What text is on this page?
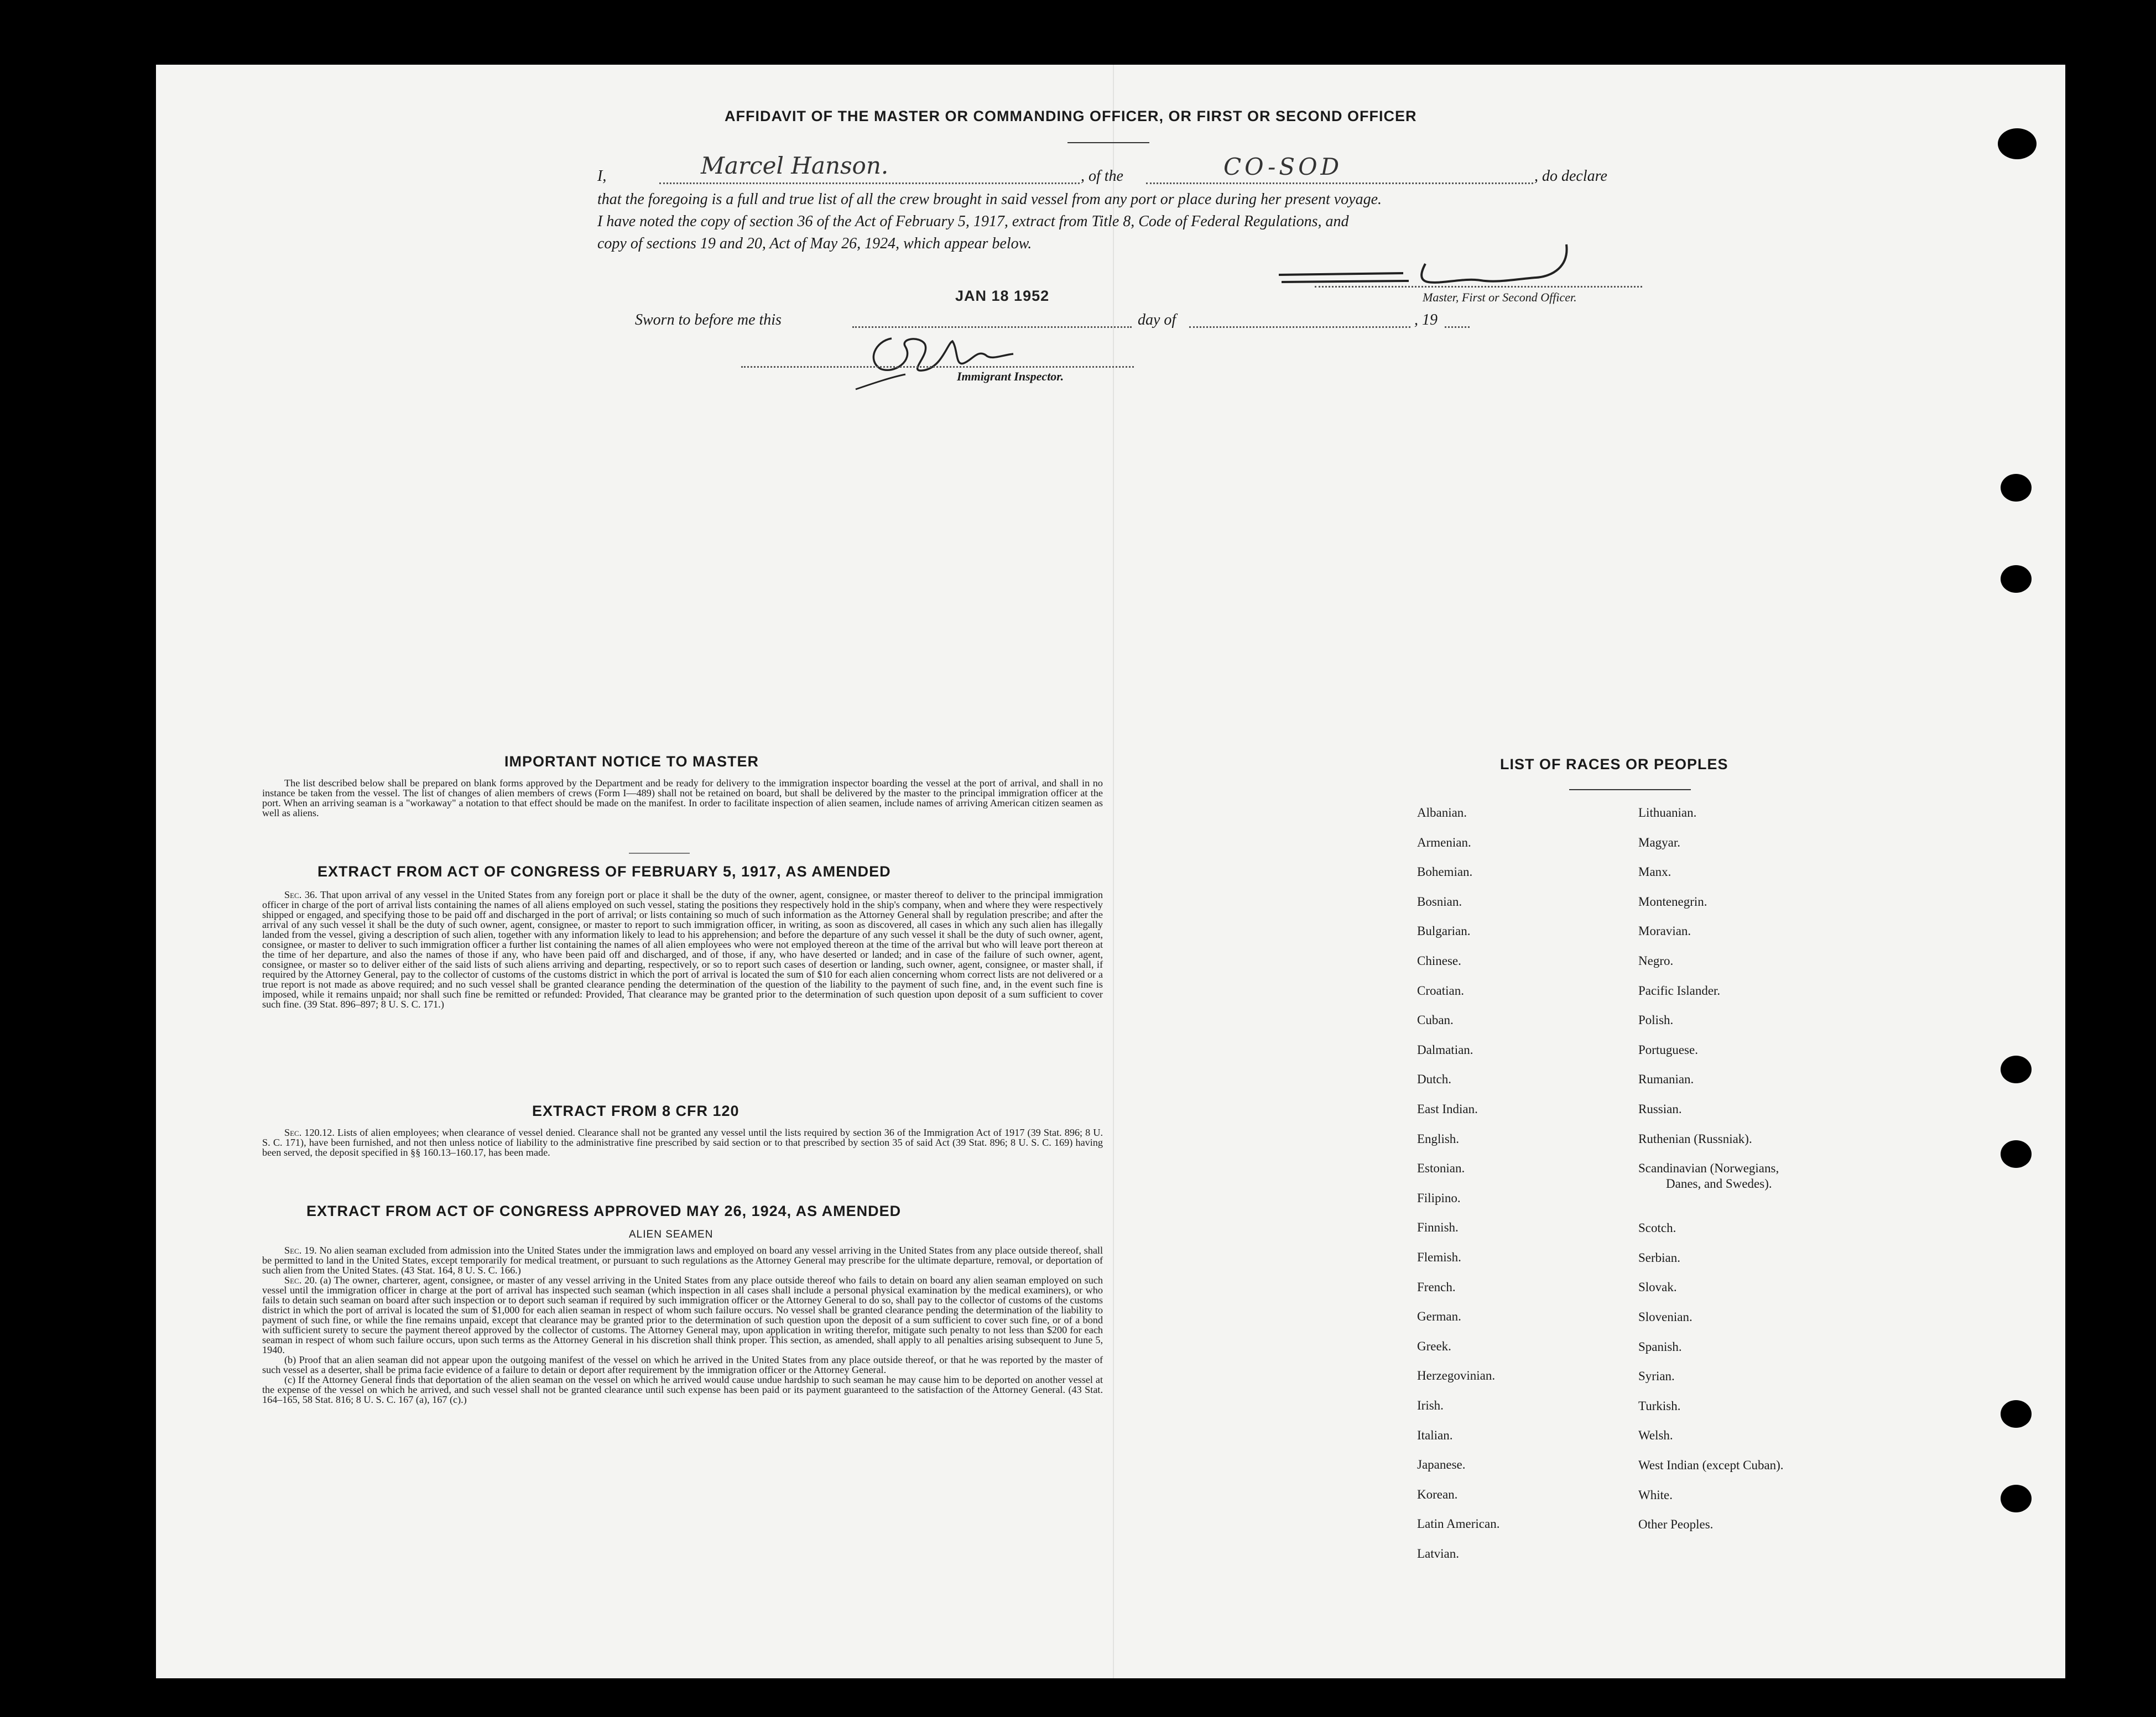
AFFIDAVIT OF THE MASTER OR COMMANDING OFFICER, OR FIRST OR SECOND OFFICER
I,	Marcel Hanson.	, of the	CO-SOD	, do declare
that the foregoing is a full and true list of all the crew brought in said vessel from any port or place during her present voyage.
I have noted the copy of section 36 of the Act of February 5, 1917, extract from Title 8, Code of Federal Regulations, and
copy of sections 19 and 20, Act of May 26, 1924, which appear below.
Master, First or Second Officer.
JAN 18 1952
Sworn to before me this	day of	, 19
Immigrant Inspector.
IMPORTANT NOTICE TO MASTER

The list described below shall be prepared on blank forms approved by the Department and be ready for delivery to the immigration inspector boarding the vessel at the port of arrival, and shall in no instance be taken from the vessel. The list of changes of alien members of crews (Form I—489) shall not be retained on board, but shall be delivered by the master to the principal immigration officer at the port. When an arriving seaman is a "workaway" a notation to that effect should be made on the manifest. In order to facilitate inspection of alien seamen, include names of arriving American citizen seamen as well as aliens.

EXTRACT FROM ACT OF CONGRESS OF FEBRUARY 5, 1917, AS AMENDED

Sec. 36. That upon arrival of any vessel in the United States from any foreign port or place it shall be the duty of the owner, agent, consignee, or master thereof to deliver to the principal immigration officer in charge of the port of arrival lists containing the names of all aliens employed on such vessel, stating the positions they respectively hold in the ship's company, when and where they were respectively shipped or engaged, and specifying those to be paid off and discharged in the port of arrival; or lists containing so much of such information as the Attorney General shall by regulation prescribe; and after the arrival of any such vessel it shall be the duty of such owner, agent, consignee, or master to report to such immigration officer, in writing, as soon as discovered, all cases in which any such alien has illegally landed from the vessel, giving a description of such alien, together with any information likely to lead to his apprehension; and before the departure of any such vessel it shall be the duty of such owner, agent, consignee, or master to deliver to such immigration officer a further list containing the names of all alien employees who were not employed thereon at the time of the arrival but who will leave port thereon at the time of her departure, and also the names of those if any, who have been paid off and discharged, and of those, if any, who have deserted or landed; and in case of the failure of such owner, agent, consignee, or master so to deliver either of the said lists of such aliens arriving and departing, respectively, or so to report such cases of desertion or landing, such owner, agent, consignee, or master shall, if required by the Attorney General, pay to the collector of customs of the customs district in which the port of arrival is located the sum of $10 for each alien concerning whom correct lists are not delivered or a true report is not made as above required; and no such vessel shall be granted clearance pending the determination of the question of the liability to the payment of such fine, and, in the event such fine is imposed, while it remains unpaid; nor shall such fine be remitted or refunded: Provided, That clearance may be granted prior to the determination of such question upon deposit of a sum sufficient to cover such fine. (39 Stat. 896–897; 8 U. S. C. 171.)

EXTRACT FROM 8 CFR 120

Sec. 120.12. Lists of alien employees; when clearance of vessel denied. Clearance shall not be granted any vessel until the lists required by section 36 of the Immigration Act of 1917 (39 Stat. 896; 8 U. S. C. 171), have been furnished, and not then unless notice of liability to the administrative fine prescribed by said section or to that prescribed by section 35 of said Act (39 Stat. 896; 8 U. S. C. 169) having been served, the deposit specified in §§ 160.13–160.17, has been made.

EXTRACT FROM ACT OF CONGRESS APPROVED MAY 26, 1924, AS AMENDED
ALIEN SEAMEN

Sec. 19. No alien seaman excluded from admission into the United States under the immigration laws and employed on board any vessel arriving in the United States from any place outside thereof, shall be permitted to land in the United States, except temporarily for medical treatment, or pursuant to such regulations as the Attorney General may prescribe for the ultimate departure, removal, or deportation of such alien from the United States. (43 Stat. 164, 8 U. S. C. 166.)

Sec. 20. (a) The owner, charterer, agent, consignee, or master of any vessel arriving in the United States from any place outside thereof who fails to detain on board any alien seaman employed on such vessel until the immigration officer in charge at the port of arrival has inspected such seaman (which inspection in all cases shall include a personal physical examination by the medical examiners), or who fails to detain such seaman on board after such inspection or to deport such seaman if required by such immigration officer or the Attorney General to do so, shall pay to the collector of customs of the customs district in which the port of arrival is located the sum of $1,000 for each alien seaman in respect of whom such failure occurs. No vessel shall be granted clearance pending the determination of the liability to payment of such fine, or while the fine remains unpaid, except that clearance may be granted prior to the determination of such question upon the deposit of a sum sufficient to cover such fine, or of a bond with sufficient surety to secure the payment thereof approved by the collector of customs. The Attorney General may, upon application in writing therefor, mitigate such penalty to not less than $200 for each seaman in respect of whom such failure occurs, upon such terms as the Attorney General in his discretion shall think proper. This section, as amended, shall apply to all penalties arising subsequent to June 5, 1940.

(b) Proof that an alien seaman did not appear upon the outgoing manifest of the vessel on which he arrived in the United States from any place outside thereof, or that he was reported by the master of such vessel as a deserter, shall be prima facie evidence of a failure to detain or deport after requirement by the immigration officer or the Attorney General.

(c) If the Attorney General finds that deportation of the alien seaman on the vessel on which he arrived would cause undue hardship to such seaman he may cause him to be deported on another vessel at the expense of the vessel on which he arrived, and such vessel shall not be granted clearance until such expense has been paid or its payment guaranteed to the satisfaction of the Attorney General. (43 Stat. 164–165, 58 Stat. 816; 8 U. S. C. 167 (a), 167 (c).)

LIST OF RACES OR PEOPLES
Albanian.
Armenian.
Bohemian.
Bosnian.
Bulgarian.
Chinese.
Croatian.
Cuban.
Dalmatian.
Dutch.
East Indian.
English.
Estonian.
Filipino.
Finnish.
Flemish.
French.
German.
Greek.
Herzegovinian.
Irish.
Italian.
Japanese.
Korean.
Latin American.
Latvian.
Lithuanian.
Magyar.
Manx.
Montenegrin.
Moravian.
Negro.
Pacific Islander.
Polish.
Portuguese.
Rumanian.
Russian.
Ruthenian (Russniak).
Scandinavian (Norwegians,
Danes, and Swedes).
Scotch.
Serbian.
Slovak.
Slovenian.
Spanish.
Syrian.
Turkish.
Welsh.
West Indian (except Cuban).
White.
Other Peoples.
